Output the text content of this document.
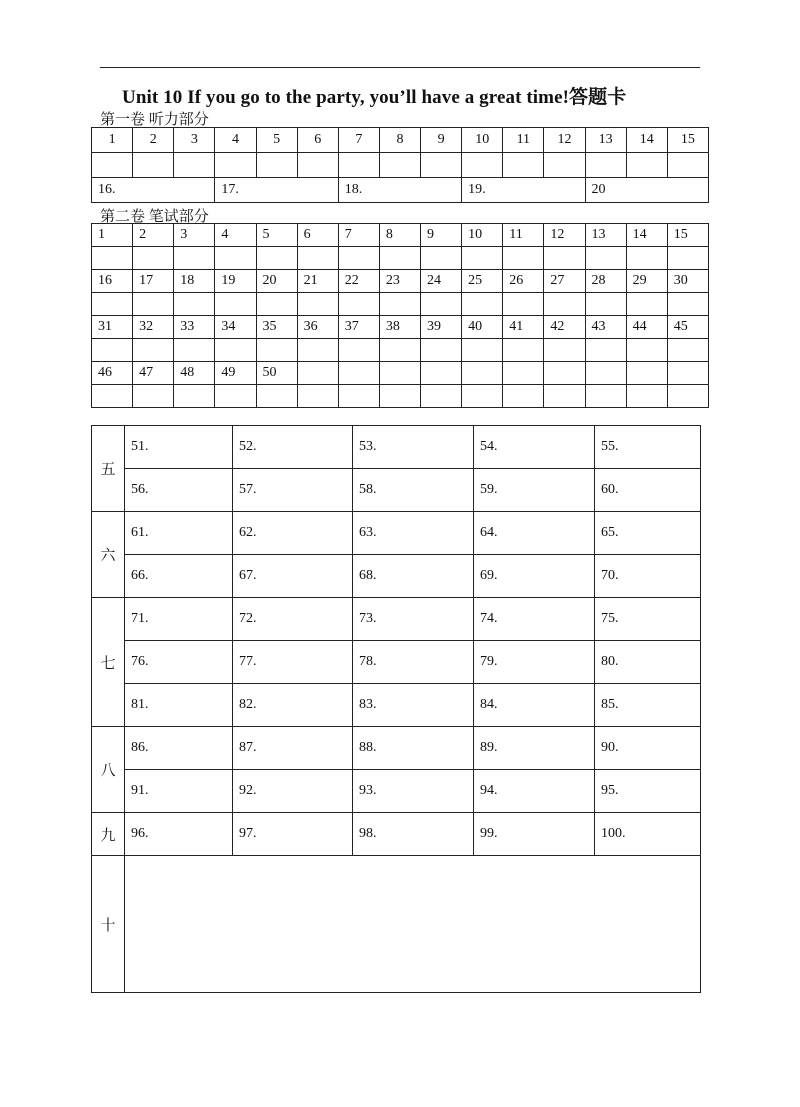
Unit 10 If you go to the party, you’ll have a great time!答题卡
第一卷 听力部分
1	2	3	4	5	6	7	8	9	10	11	12	13	14	15

16.			17.			18.			19.			20		
第二卷 笔试部分
1	2	3	4	5	6	7	8	9	10	11	12	13	14	15

16	17	18	19	20	21	22	23	24	25	26	27	28	29	30

31	32	33	34	35	36	37	38	39	40	41	42	43	44	45

46	47	48	49	50										

五	51.	52.	53.	54.	55.
	56.	57.	58.	59.	60.
六	61.	62.	63.	64.	65.
	66.	67.	68.	69.	70.
七	71.	72.	73.	74.	75.
	76.	77.	78.	79.	80.
	81.	82.	83.	84.	85.
八	86.	87.	88.	89.	90.
	91.	92.	93.	94.	95.
九	96.	97.	98.	99.	100.
十					
